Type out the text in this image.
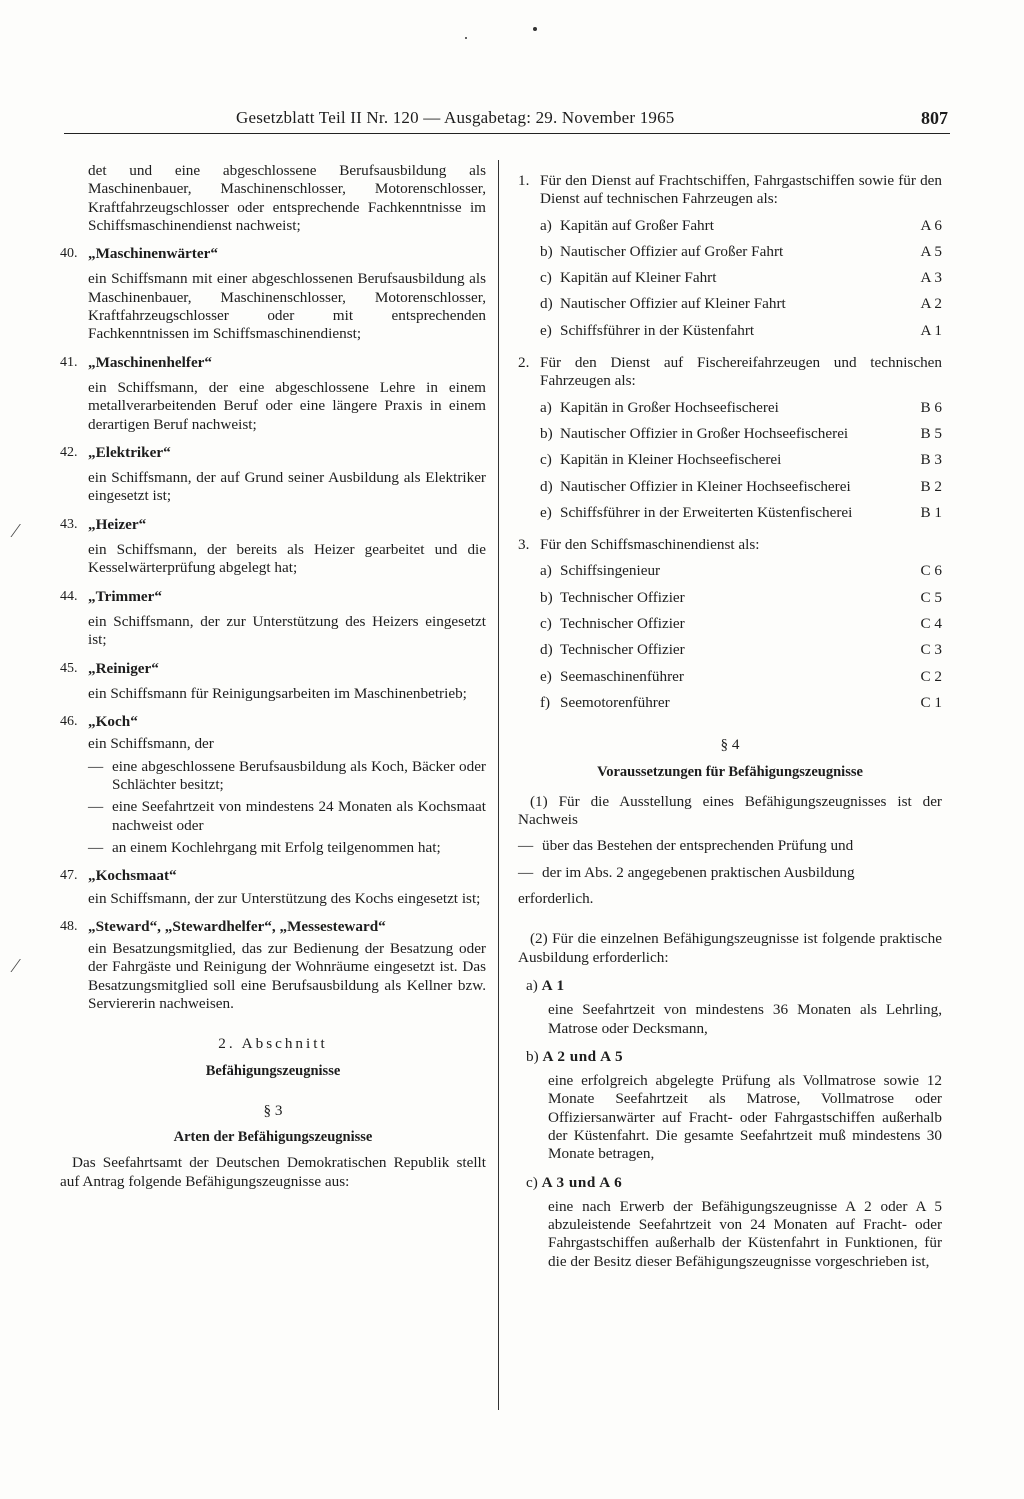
Gesetzblatt Teil II Nr. 120 — Ausgabetag: 29. November 1965	807
⁄
⁄

det und eine abgeschlossene Berufsausbildung als Maschinenbauer, Maschinenschlosser, Motorenschlosser, Kraftfahrzeugschlosser oder entsprechende Fachkenntnisse im Schiffsmaschinendienst nachweist;

40. „Maschinenwärter“

ein Schiffsmann mit einer abgeschlossenen Berufsausbildung als Maschinenbauer, Maschinenschlosser, Motorenschlosser, Kraftfahrzeugschlosser oder mit entsprechenden Fachkenntnissen im Schiffsmaschinendienst;

41. „Maschinenhelfer“

ein Schiffsmann, der eine abgeschlossene Lehre in einem metallverarbeitenden Beruf oder eine längere Praxis in einem derartigen Beruf nachweist;

42. „Elektriker“

ein Schiffsmann, der auf Grund seiner Ausbildung als Elektriker eingesetzt ist;

43. „Heizer“

ein Schiffsmann, der bereits als Heizer gearbeitet und die Kesselwärterprüfung abgelegt hat;

44. „Trimmer“

ein Schiffsmann, der zur Unterstützung des Heizers eingesetzt ist;

45. „Reiniger“

ein Schiffsmann für Reinigungsarbeiten im Maschinenbetrieb;

46. „Koch“

ein Schiffsmann, der

— eine abgeschlossene Berufsausbildung als Koch, Bäcker oder Schlächter besitzt;
— eine Seefahrtzeit von mindestens 24 Monaten als Kochsmaat nachweist oder
— an einem Kochlehrgang mit Erfolg teilgenommen hat;
47. „Kochsmaat“

ein Schiffsmann, der zur Unterstützung des Kochs eingesetzt ist;

48. „Steward“, „Stewardhelfer“, „Messesteward“

ein Besatzungsmitglied, das zur Bedienung der Besatzung oder der Fahrgäste und Reinigung der Wohnräume eingesetzt ist. Das Besatzungsmitglied soll eine Berufsausbildung als Kellner bzw. Serviererin nachweisen.

2. Abschnitt

Befähigungszeugnisse

§ 3

Arten der Befähigungszeugnisse

Das Seefahrtsamt der Deutschen Demokratischen Republik stellt auf Antrag folgende Befähigungszeugnisse aus:

1. Für den Dienst auf Frachtschiffen, Fahrgastschiffen sowie für den Dienst auf technischen Fahrzeugen als:
a) Kapitän auf Großer Fahrt	A 6
b) Nautischer Offizier auf Großer Fahrt	A 5
c) Kapitän auf Kleiner Fahrt	A 3
d) Nautischer Offizier auf Kleiner Fahrt	A 2
e) Schiffsführer in der Küstenfahrt	A 1
2. Für den Dienst auf Fischereifahrzeugen und technischen Fahrzeugen als:
a) Kapitän in Großer Hochseefischerei	B 6
b) Nautischer Offizier in Großer Hochseefischerei	B 5
c) Kapitän in Kleiner Hochseefischerei	B 3
d) Nautischer Offizier in Kleiner Hochseefischerei	B 2
e) Schiffsführer in der Erweiterten Küstenfischerei	B 1
3. Für den Schiffsmaschinendienst als:
a) Schiffsingenieur	C 6
b) Technischer Offizier	C 5
c) Technischer Offizier	C 4
d) Technischer Offizier	C 3
e) Seemaschinenführer	C 2
f) Seemotorenführer	C 1

§ 4

Voraussetzungen für Befähigungszeugnisse

(1) Für die Ausstellung eines Befähigungszeugnisses ist der Nachweis

— über das Bestehen der entsprechenden Prüfung und
— der im Abs. 2 angegebenen praktischen Ausbildung

erforderlich.

(2) Für die einzelnen Befähigungszeugnisse ist folgende praktische Ausbildung erforderlich:

a) A 1

eine Seefahrtzeit von mindestens 36 Monaten als Lehrling, Matrose oder Decksmann,

b) A 2 und A 5

eine erfolgreich abgelegte Prüfung als Vollmatrose sowie 12 Monate Seefahrtzeit als Matrose, Vollmatrose oder Offiziersanwärter auf Fracht- oder Fahrgastschiffen außerhalb der Küstenfahrt. Die gesamte Seefahrtzeit muß mindestens 30 Monate betragen,

c) A 3 und A 6

eine nach Erwerb der Befähigungszeugnisse A 2 oder A 5 abzuleistende Seefahrtzeit von 24 Monaten auf Fracht- oder Fahrgastschiffen außerhalb der Küstenfahrt in Funktionen, für die der Besitz dieser Befähigungszeugnisse vorgeschrieben ist,
